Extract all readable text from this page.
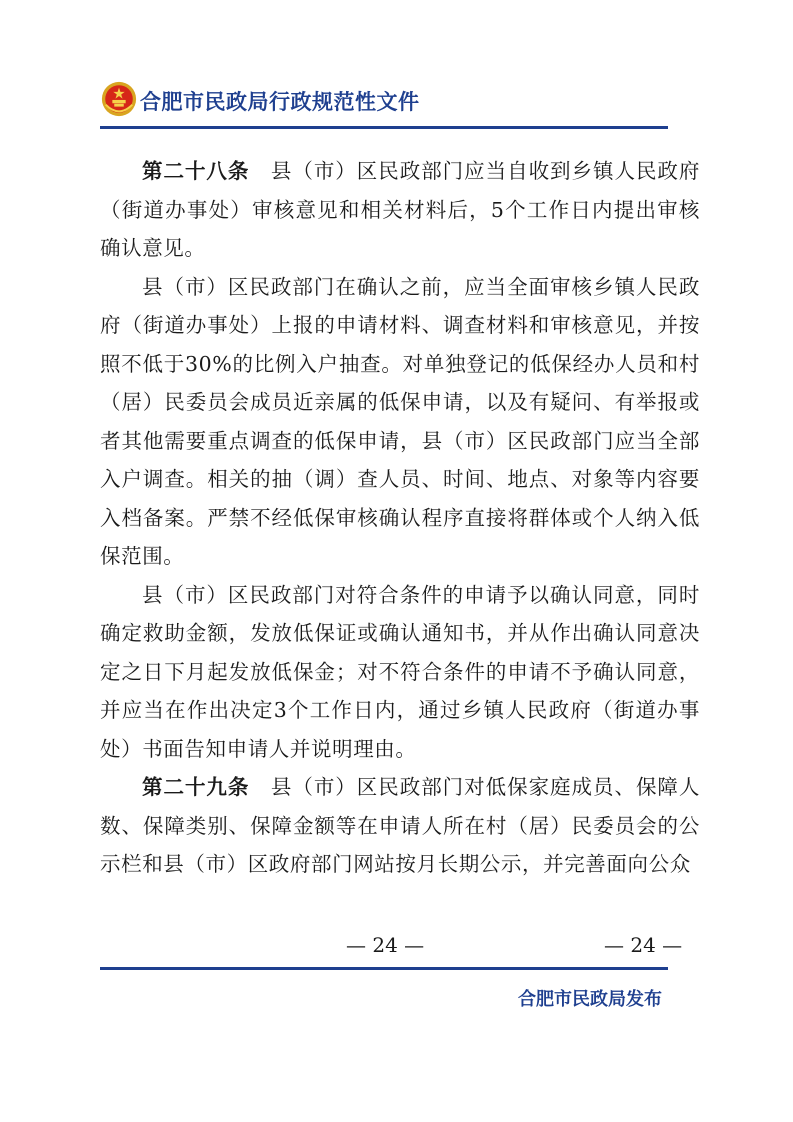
合肥市民政局行政规范性文件

第二十八条　县（市）区民政部门应当自收到乡镇人民政府（街道办事处）审核意见和相关材料后，5个工作日内提出审核确认意见。

县（市）区民政部门在确认之前，应当全面审核乡镇人民政府（街道办事处）上报的申请材料、调查材料和审核意见，并按照不低于30%的比例入户抽查。对单独登记的低保经办人员和村（居）民委员会成员近亲属的低保申请，以及有疑问、有举报或者其他需要重点调查的低保申请，县（市）区民政部门应当全部入户调查。相关的抽（调）查人员、时间、地点、对象等内容要入档备案。严禁不经低保审核确认程序直接将群体或个人纳入低保范围。

县（市）区民政部门对符合条件的申请予以确认同意，同时确定救助金额，发放低保证或确认通知书，并从作出确认同意决定之日下月起发放低保金；对不符合条件的申请不予确认同意，并应当在作出决定3个工作日内，通过乡镇人民政府（街道办事处）书面告知申请人并说明理由。

第二十九条　县（市）区民政部门对低保家庭成员、保障人数、保障类别、保障金额等在申请人所在村（居）民委员会的公示栏和县（市）区政府部门网站按月长期公示，并完善面向公众

— 24 —	— 24 —
合肥市民政局发布
